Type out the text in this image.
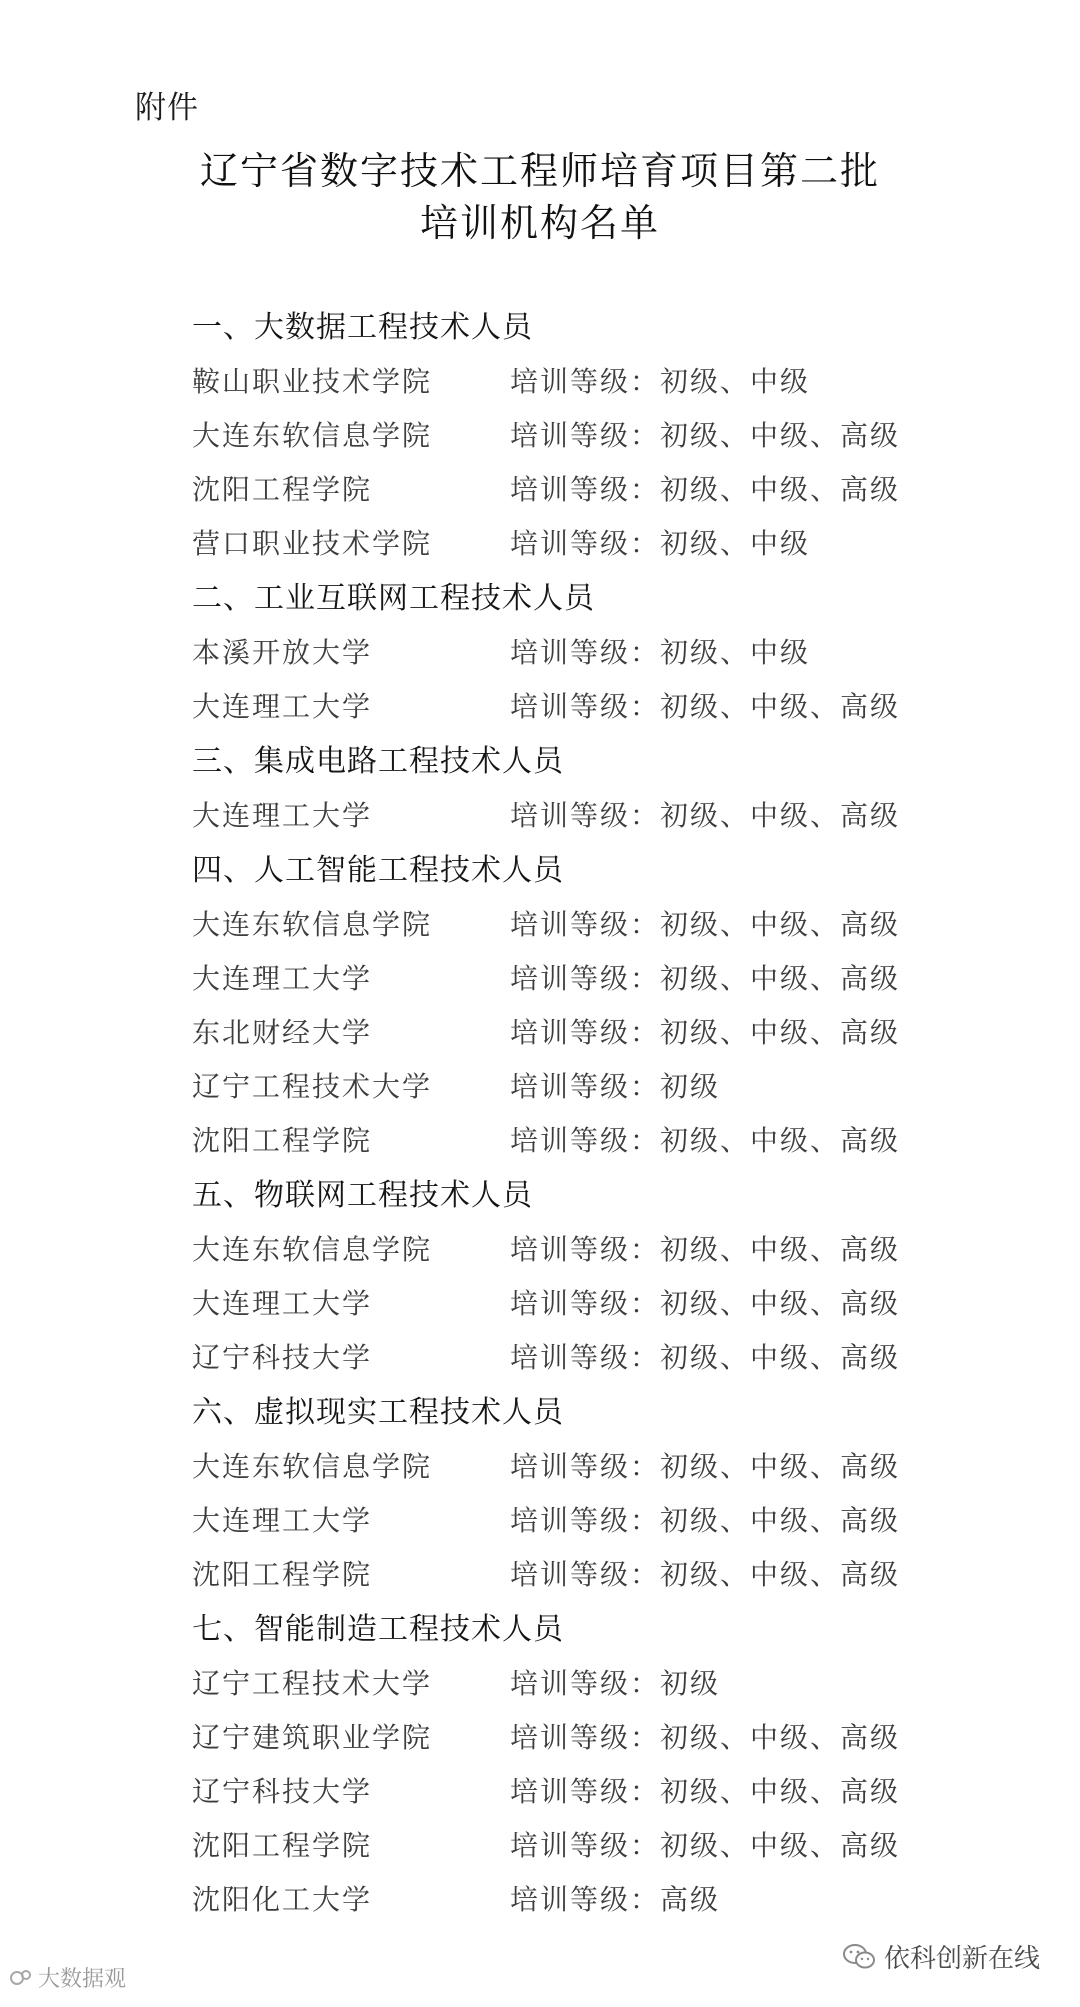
附件
辽宁省数字技术工程师培育项目第二批
培训机构名单
一、大数据工程技术人员
鞍山职业技术学院	培训等级：初级、中级
大连东软信息学院	培训等级：初级、中级、高级
沈阳工程学院	培训等级：初级、中级、高级
营口职业技术学院	培训等级：初级、中级
二、工业互联网工程技术人员
本溪开放大学	培训等级：初级、中级
大连理工大学	培训等级：初级、中级、高级
三、集成电路工程技术人员
大连理工大学	培训等级：初级、中级、高级
四、人工智能工程技术人员
大连东软信息学院	培训等级：初级、中级、高级
大连理工大学	培训等级：初级、中级、高级
东北财经大学	培训等级：初级、中级、高级
辽宁工程技术大学	培训等级：初级
沈阳工程学院	培训等级：初级、中级、高级
五、物联网工程技术人员
大连东软信息学院	培训等级：初级、中级、高级
大连理工大学	培训等级：初级、中级、高级
辽宁科技大学	培训等级：初级、中级、高级
六、虚拟现实工程技术人员
大连东软信息学院	培训等级：初级、中级、高级
大连理工大学	培训等级：初级、中级、高级
沈阳工程学院	培训等级：初级、中级、高级
七、智能制造工程技术人员
辽宁工程技术大学	培训等级：初级
辽宁建筑职业学院	培训等级：初级、中级、高级
辽宁科技大学	培训等级：初级、中级、高级
沈阳工程学院	培训等级：初级、中级、高级
沈阳化工大学	培训等级：高级
大数据观
依科创新在线
